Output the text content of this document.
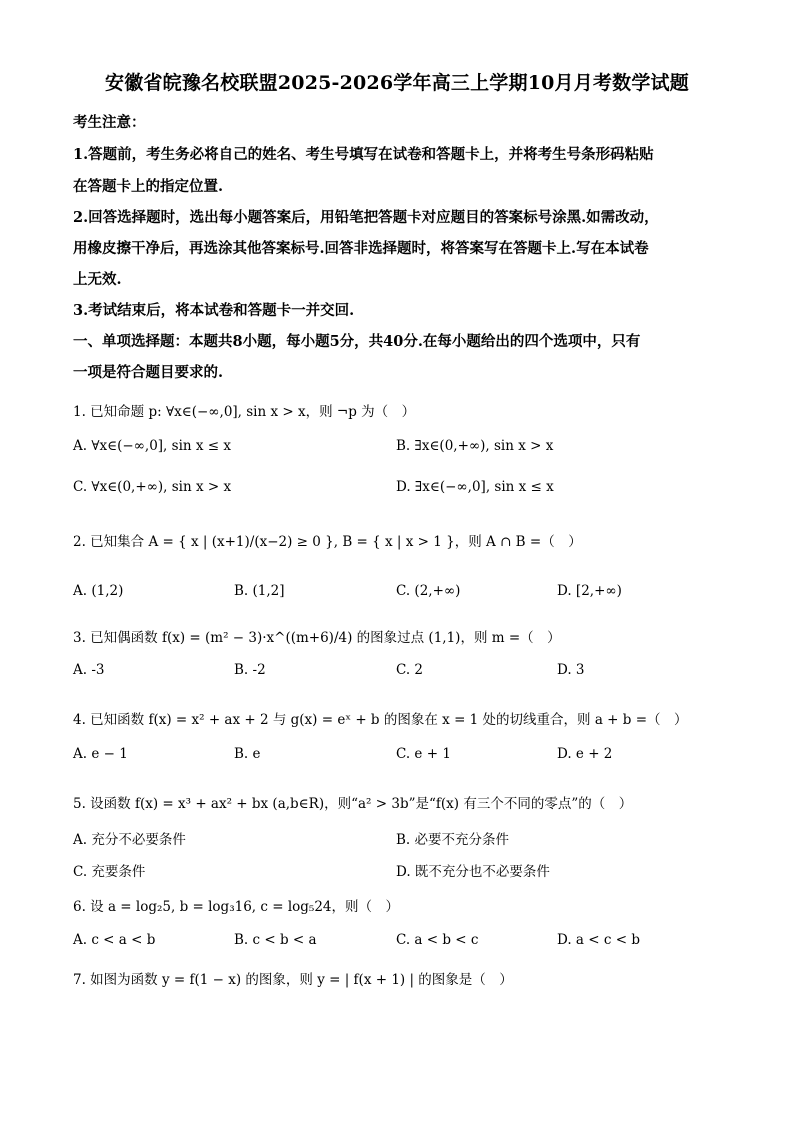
安徽省皖豫名校联盟2025-2026学年高三上学期10月月考数学试题
考生注意：
1.答题前，考生务必将自己的姓名、考生号填写在试卷和答题卡上，并将考生号条形码粘贴
在答题卡上的指定位置.
2.回答选择题时，选出每小题答案后，用铅笔把答题卡对应题目的答案标号涂黑.如需改动，
用橡皮擦干净后，再选涂其他答案标号.回答非选择题时，将答案写在答题卡上.写在本试卷
上无效.
3.考试结束后，将本试卷和答题卡一并交回.
一、单项选择题：本题共8小题，每小题5分，共40分.在每小题给出的四个选项中，只有
一项是符合题目要求的.
1. 已知命题 p: ∀x∈(−∞,0], sin x > x，则 ¬p 为（　）
A. ∀x∈(−∞,0], sin x ≤ x	B. ∃x∈(0,+∞), sin x > x
C. ∀x∈(0,+∞), sin x > x	D. ∃x∈(−∞,0], sin x ≤ x
2. 已知集合 A = { x | (x+1)/(x−2) ≥ 0 }, B = { x | x > 1 }，则 A ∩ B =（　）
A. (1,2)	B. (1,2]	C. (2,+∞)	D. [2,+∞)
3. 已知偶函数 f(x) = (m² − 3)·x^((m+6)/4) 的图象过点 (1,1)，则 m =（　）
A. -3	B. -2	C. 2	D. 3
4. 已知函数 f(x) = x² + ax + 2 与 g(x) = eˣ + b 的图象在 x = 1 处的切线重合，则 a + b =（　）
A. e − 1	B. e	C. e + 1	D. e + 2
5. 设函数 f(x) = x³ + ax² + bx (a,b∈R)，则“a² > 3b”是“f(x) 有三个不同的零点”的（　）
A. 充分不必要条件	B. 必要不充分条件
C. 充要条件	D. 既不充分也不必要条件
6. 设 a = log₂5, b = log₃16, c = log₅24，则（　）
A. c < a < b	B. c < b < a	C. a < b < c	D. a < c < b
7. 如图为函数 y = f(1 − x) 的图象，则 y = | f(x + 1) | 的图象是（　）
